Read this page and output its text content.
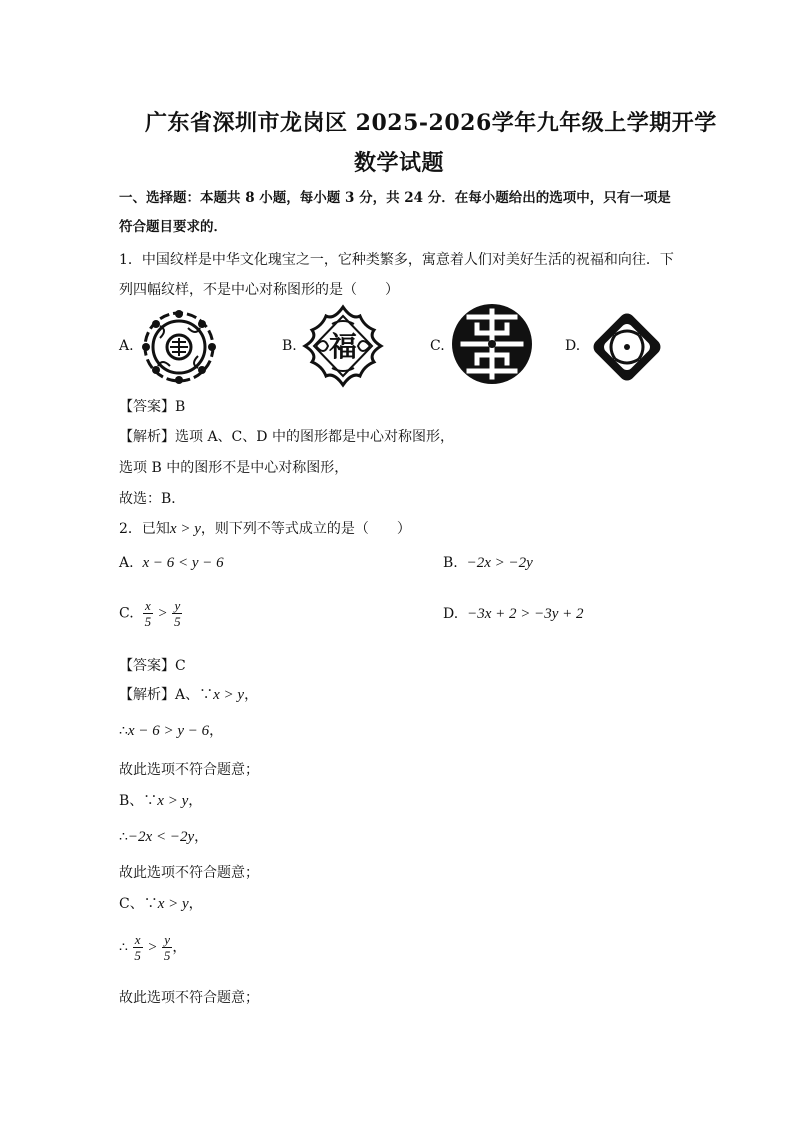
广东省深圳市龙岗区 2025-2026学年九年级上学期开学
数学试题
一、选择题：本题共 8 小题，每小题 3 分，共 24 分．在每小题给出的选项中，只有一项是
符合题目要求的．
1．中国纹样是中华文化瑰宝之一，它种类繁多，寓意着人们对美好生活的祝福和向往．下
列四幅纹样，不是中心对称图形的是（　　）
A.	B.	C.	D.
福
【答案】B
【解析】选项 A、C、D 中的图形都是中心对称图形，
选项 B 中的图形不是中心对称图形，
故选：B．
2．已知x > y，则下列不等式成立的是（　　）
A. x − 6 < y − 6	B. −2x > −2y
C. $\frac{x}{5} > \frac{y}{5}$	D. −3x + 2 > −3y + 2
【答案】C
【解析】A、∵x > y，
∴x − 6 > y − 6，
故此选项不符合题意；
B、∵x > y，
∴−2x < −2y，
故此选项不符合题意；
C、∵x > y，
∴ $\frac{x}{5} > \frac{y}{5}$ ，
故此选项不符合题意；
